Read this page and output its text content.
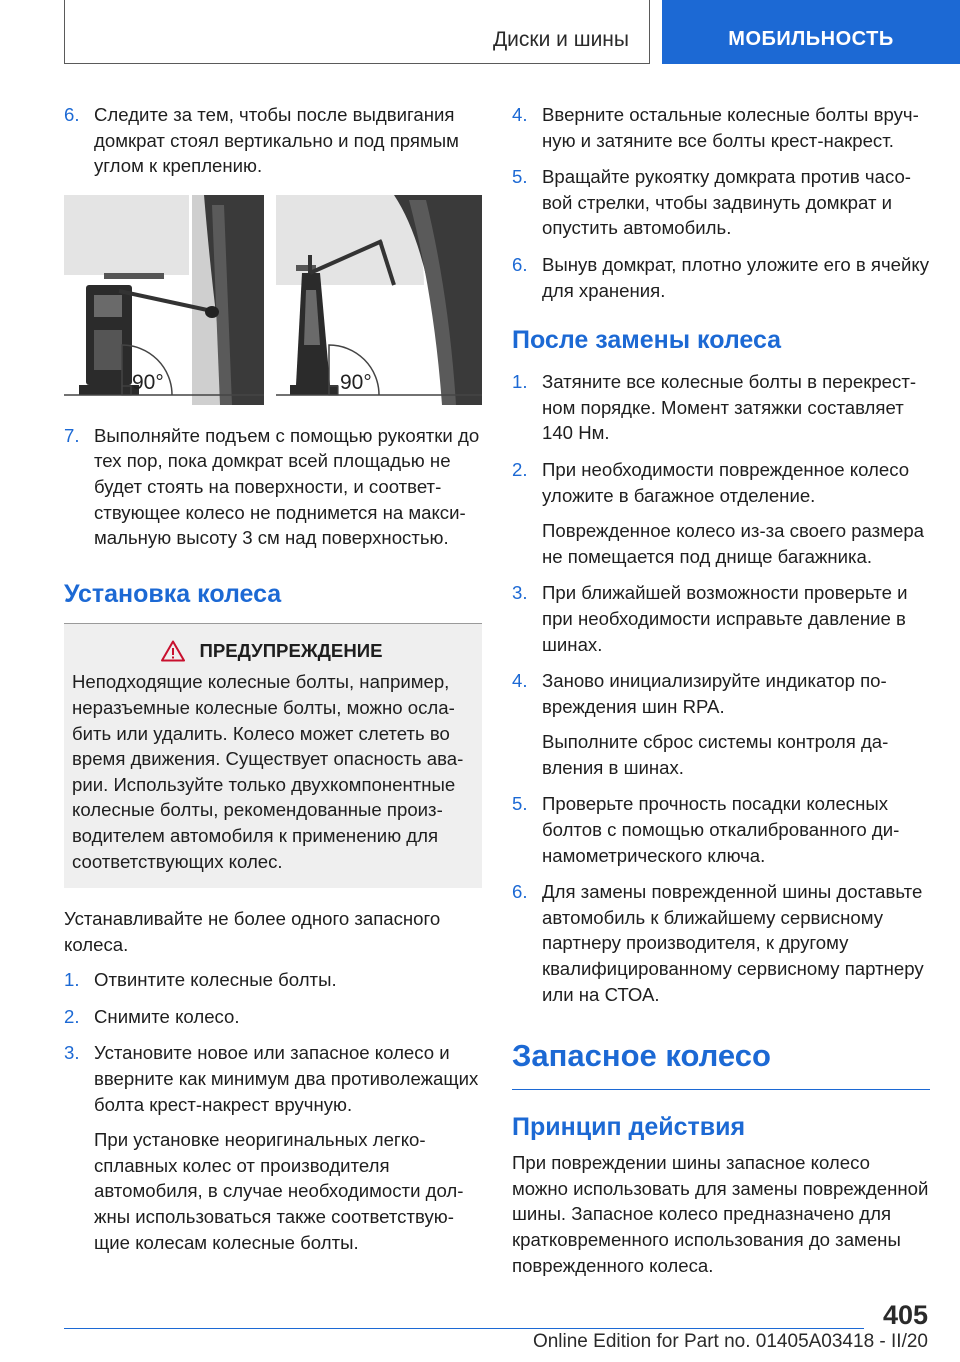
Диски и шины	МОБИЛЬНОСТЬ
6. Следите за тем, чтобы после выдвигания домкрат стоял вертикально и под прямым углом к креплению.

90°	90°
7. Выполняйте подъем с помощью рукоятки до тех пор, пока домкрат всей площадью не будет стоять на поверхности, и соответствующее колесо не поднимется на максимальную высоту 3 см над поверхностью.

Установка колеса
ПРЕДУПРЕЖДЕНИЕ

Неподходящие колесные болты, например, неразъемные колесные болты, можно ослабить или удалить. Колесо может слететь во время движения. Существует опасность аварии. Используйте только двухкомпонентные колесные болты, рекомендованные производителем автомобиля к применению для соответствующих колес.

Устанавливайте не более одного запасного колеса.

1. Отвинтите колесные болты.

2. Снимите колесо.

3. Установите новое или запасное колесо и вверните как минимум два противолежащих болта крест-накрест вручную.

При установке неоригинальных легкосплавных колес от производителя автомобиля, в случае необходимости должны использоваться также соответствующие колесам колесные болты.

4. Вверните остальные колесные болты вручную и затяните все болты крест-накрест.

5. Вращайте рукоятку домкрата против часовой стрелки, чтобы задвинуть домкрат и опустить автомобиль.

6. Вынув домкрат, плотно уложите его в ячейку для хранения.

После замены колеса
1. Затяните все колесные болты в перекрестном порядке. Момент затяжки составляет 140 Нм.

2. При необходимости поврежденное колесо уложите в багажное отделение.

Поврежденное колесо из-за своего размера не помещается под днище багажника.

3. При ближайшей возможности проверьте и при необходимости исправьте давление в шинах.

4. Заново инициализируйте индикатор повреждения шин RPA.

Выполните сброс системы контроля давления в шинах.

5. Проверьте прочность посадки колесных болтов с помощью откалиброванного динамометрического ключа.

6. Для замены поврежденной шины доставьте автомобиль к ближайшему сервисному партнеру производителя, к другому квалифицированному сервисному партнеру или на СТОА.

Запасное колесо
Принцип действия

При повреждении шины запасное колесо можно использовать для замены поврежденной шины. Запасное колесо предназначено для кратковременного использования до замены поврежденного колеса.

405
Online Edition for Part no. 01405A03418 - II/20
